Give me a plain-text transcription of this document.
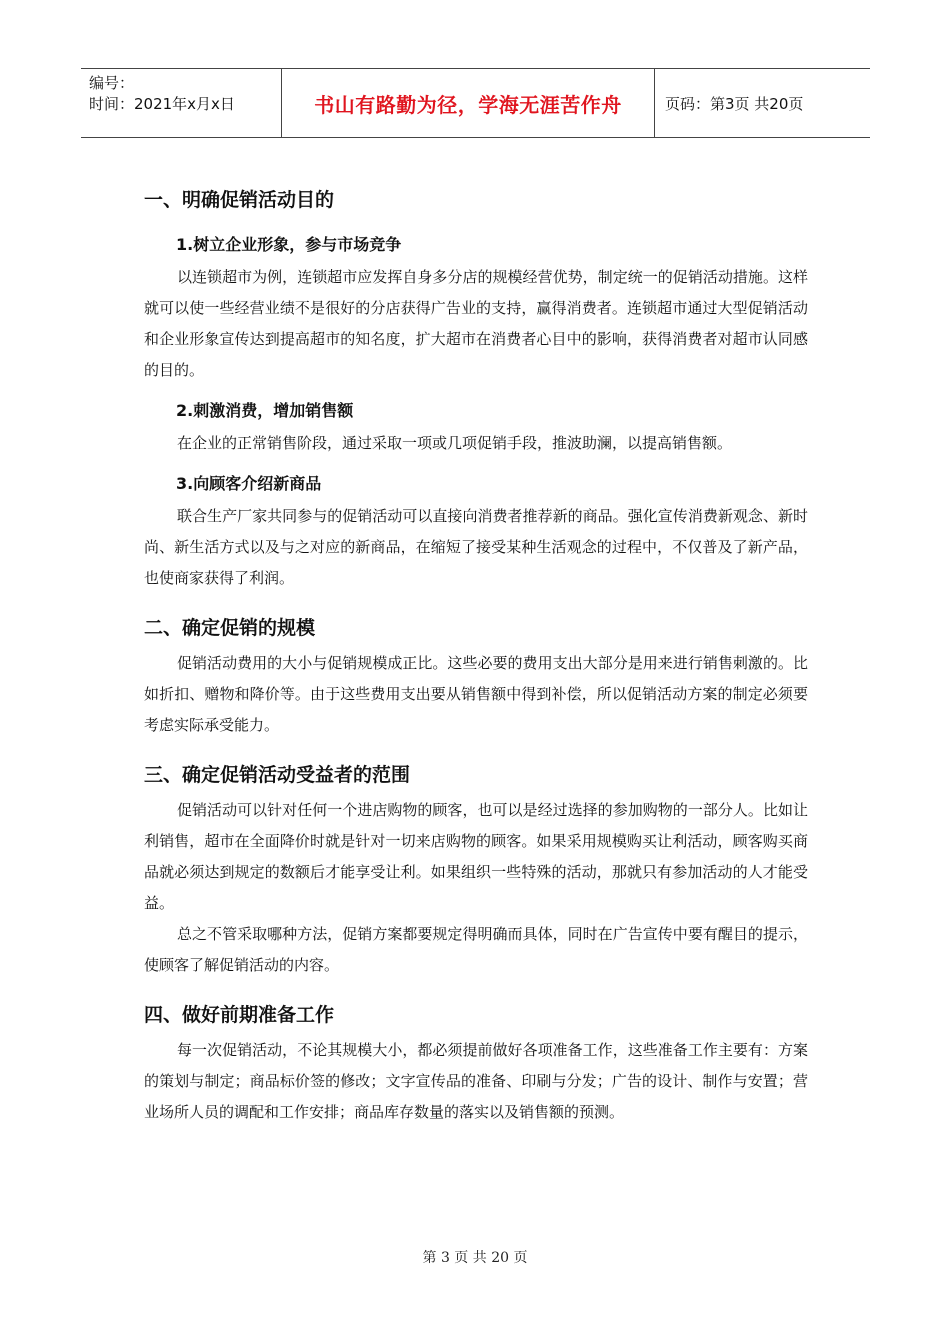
编号：
时间：2021年x月x日	书山有路勤为径，学海无涯苦作舟	页码：第3页 共20页
一、明确促销活动目的
1.树立企业形象，参与市场竞争

以连锁超市为例，连锁超市应发挥自身多分店的规模经营优势，制定统一的促销活动措施。这样就可以使一些经营业绩不是很好的分店获得广告业的支持，赢得消费者。连锁超市通过大型促销活动和企业形象宣传达到提高超市的知名度，扩大超市在消费者心目中的影响，获得消费者对超市认同感的目的。

2.刺激消费，增加销售额

在企业的正常销售阶段，通过采取一项或几项促销手段，推波助澜，以提高销售额。

3.向顾客介绍新商品

联合生产厂家共同参与的促销活动可以直接向消费者推荐新的商品。强化宣传消费新观念、新时尚、新生活方式以及与之对应的新商品，在缩短了接受某种生活观念的过程中，不仅普及了新产品，也使商家获得了利润。

二、确定促销的规模

促销活动费用的大小与促销规模成正比。这些必要的费用支出大部分是用来进行销售刺激的。比如折扣、赠物和降价等。由于这些费用支出要从销售额中得到补偿，所以促销活动方案的制定必须要考虑实际承受能力。

三、确定促销活动受益者的范围

促销活动可以针对任何一个进店购物的顾客，也可以是经过选择的参加购物的一部分人。比如让利销售，超市在全面降价时就是针对一切来店购物的顾客。如果采用规模购买让利活动，顾客购买商品就必须达到规定的数额后才能享受让利。如果组织一些特殊的活动，那就只有参加活动的人才能受益。

总之不管采取哪种方法，促销方案都要规定得明确而具体，同时在广告宣传中要有醒目的提示，使顾客了解促销活动的内容。

四、做好前期准备工作

每一次促销活动，不论其规模大小，都必须提前做好各项准备工作，这些准备工作主要有：方案的策划与制定；商品标价签的修改；文字宣传品的准备、印刷与分发；广告的设计、制作与安置；营业场所人员的调配和工作安排；商品库存数量的落实以及销售额的预测。

第 3 页 共 20 页
